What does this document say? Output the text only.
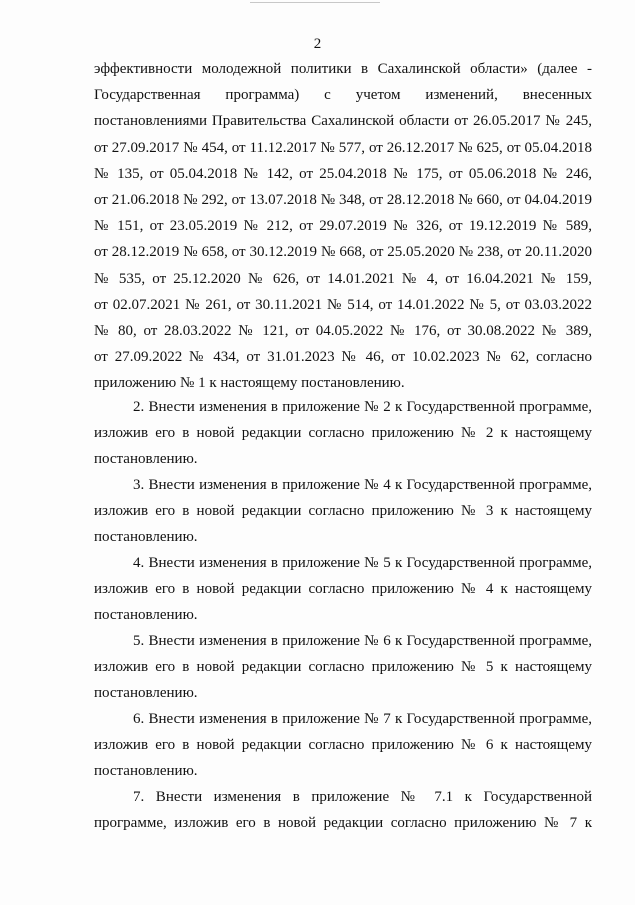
2
эффективности молодежной политики в Сахалинской области» (далее -
Государственная программа) с учетом изменений, внесенных
постановлениями Правительства Сахалинской области от 26.05.2017 № 245,
от 27.09.2017 № 454, от 11.12.2017 № 577, от 26.12.2017 № 625, от 05.04.2018
№ 135, от 05.04.2018 № 142, от 25.04.2018 № 175, от 05.06.2018 № 246,
от 21.06.2018 № 292, от 13.07.2018 № 348, от 28.12.2018 № 660, от 04.04.2019
№ 151, от 23.05.2019 № 212, от 29.07.2019 № 326, от 19.12.2019 № 589,
от 28.12.2019 № 658, от 30.12.2019 № 668, от 25.05.2020 № 238, от 20.11.2020
№ 535, от 25.12.2020 № 626, от 14.01.2021 № 4, от 16.04.2021 № 159,
от 02.07.2021 № 261, от 30.11.2021 № 514, от 14.01.2022 № 5, от 03.03.2022
№ 80, от 28.03.2022 № 121, от 04.05.2022 № 176, от 30.08.2022 № 389,
от 27.09.2022 № 434, от 31.01.2023 № 46, от 10.02.2023 № 62, согласно
приложению № 1 к настоящему постановлению.
2. Внести изменения в приложение № 2 к Государственной программе,
изложив его в новой редакции согласно приложению № 2 к настоящему
постановлению.
3. Внести изменения в приложение № 4 к Государственной программе,
изложив его в новой редакции согласно приложению № 3 к настоящему
постановлению.
4. Внести изменения в приложение № 5 к Государственной программе,
изложив его в новой редакции согласно приложению № 4 к настоящему
постановлению.
5. Внести изменения в приложение № 6 к Государственной программе,
изложив его в новой редакции согласно приложению № 5 к настоящему
постановлению.
6. Внести изменения в приложение № 7 к Государственной программе,
изложив его в новой редакции согласно приложению № 6 к настоящему
постановлению.
7. Внести изменения в приложение № 7.1 к Государственной
программе, изложив его в новой редакции согласно приложению № 7 к
